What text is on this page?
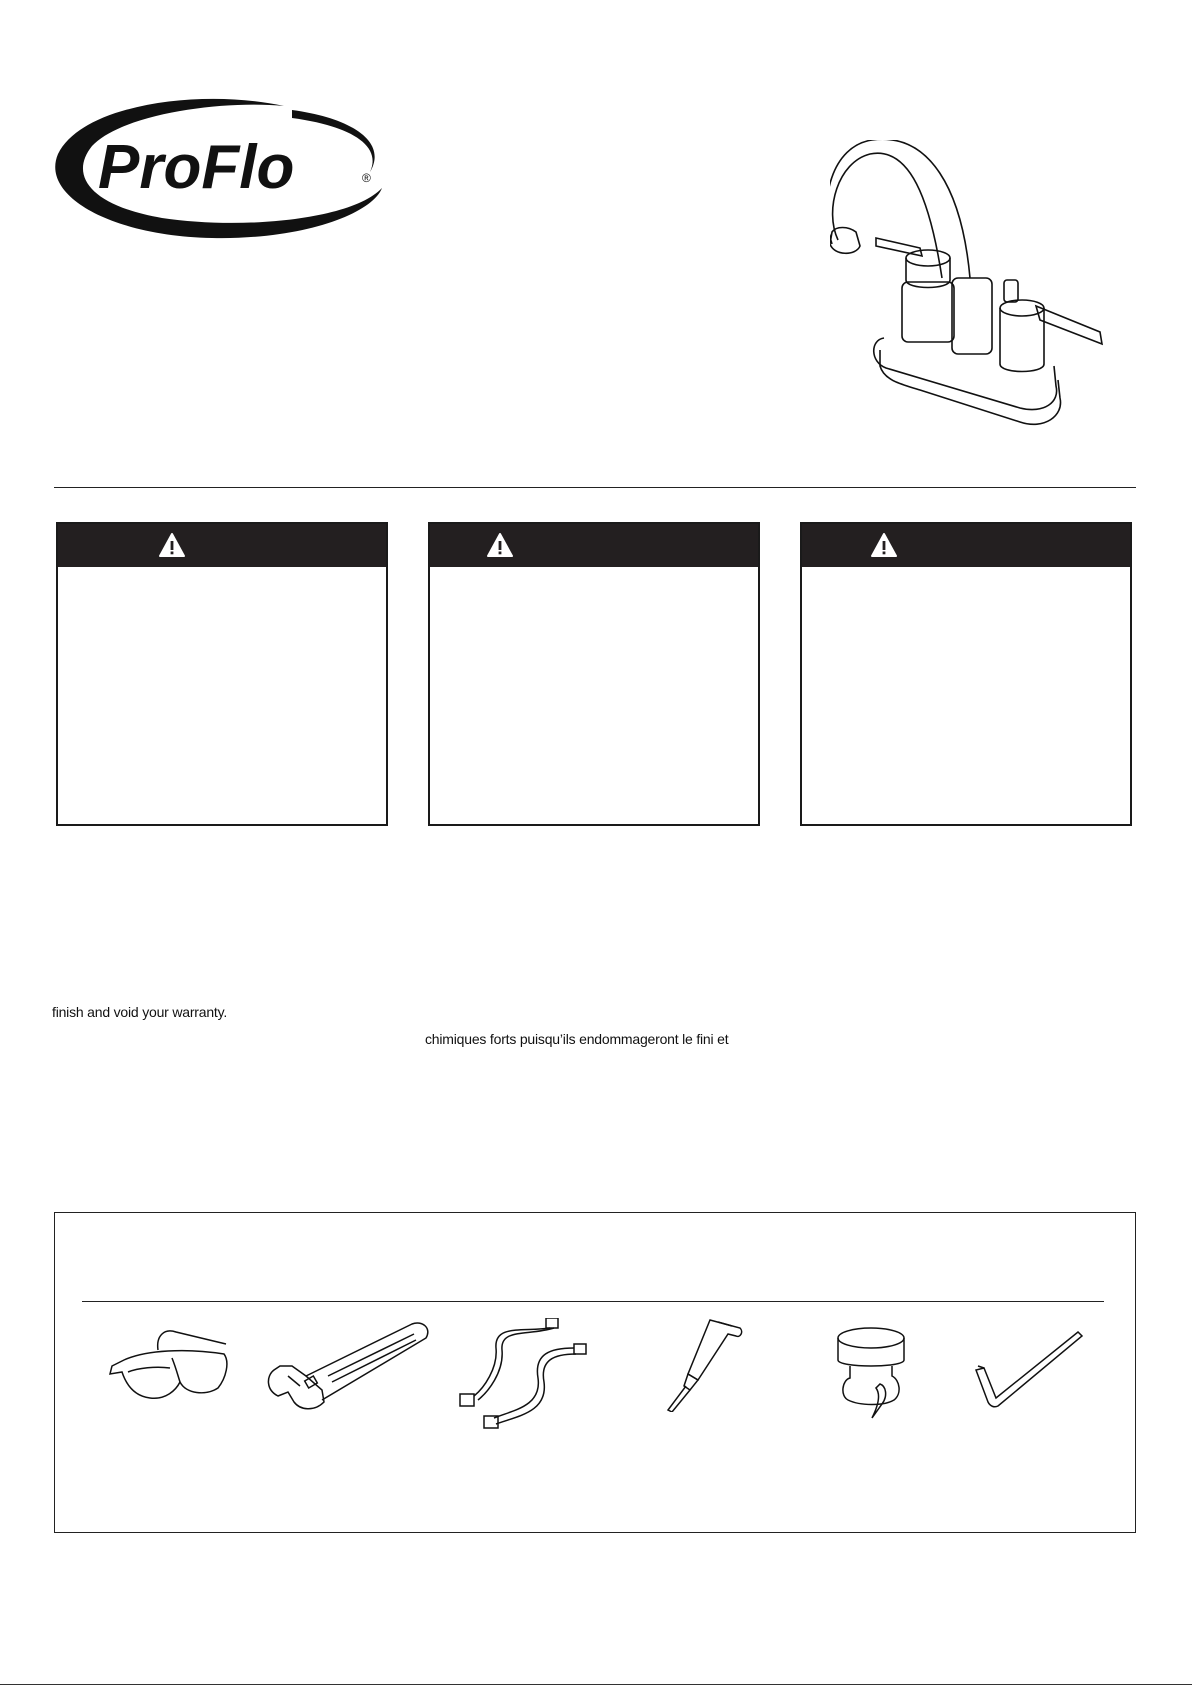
ProFlo	®
finish and void your warranty.
chimiques forts puisqu’ils endommageront le fini et
